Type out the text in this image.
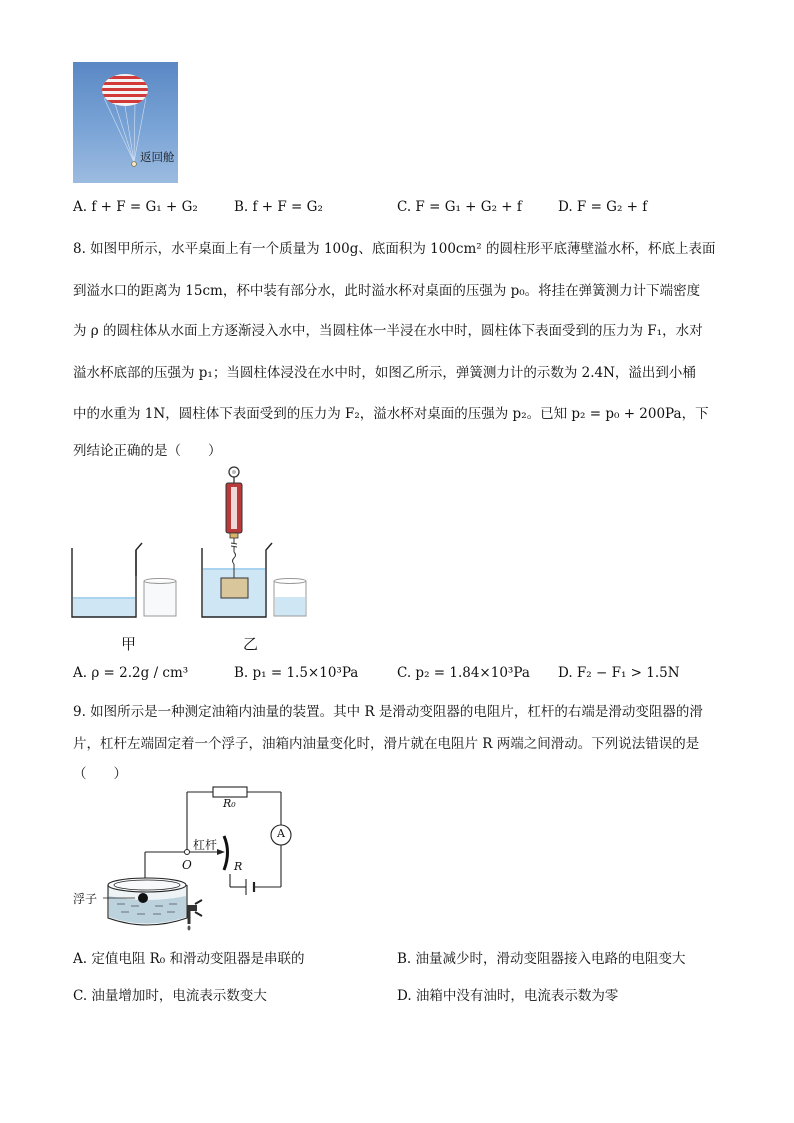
返回舱
A. f + F = G₁ + G₂	B. f + F = G₂	C. F = G₁ + G₂ + f	D. F = G₂ + f
8. 如图甲所示，水平桌面上有一个质量为 100g、底面积为 100cm² 的圆柱形平底薄壁溢水杯，杯底上表面
到溢水口的距离为 15cm，杯中装有部分水，此时溢水杯对桌面的压强为 p₀。将挂在弹簧测力计下端密度
为 ρ 的圆柱体从水面上方逐渐浸入水中，当圆柱体一半浸在水中时，圆柱体下表面受到的压力为 F₁，水对
溢水杯底部的压强为 p₁；当圆柱体浸没在水中时，如图乙所示，弹簧测力计的示数为 2.4N，溢出到小桶
中的水重为 1N，圆柱体下表面受到的压力为 F₂，溢水杯对桌面的压强为 p₂。已知 p₂ = p₀ + 200Pa，下
列结论正确的是（　　）
甲	乙
A. ρ = 2.2g / cm³	B. p₁ = 1.5×10³Pa	C. p₂ = 1.84×10³Pa D. F₂ − F₁ > 1.5N
9. 如图所示是一种测定油箱内油量的装置。其中 R 是滑动变阻器的电阻片，杠杆的右端是滑动变阻器的滑
片，杠杆左端固定着一个浮子，油箱内油量变化时，滑片就在电阻片 R 两端之间滑动。下列说法错误的是
（　　）
R₀
A
杠杆
O	R
浮子
A. 定值电阻 R₀ 和滑动变阻器是串联的	B. 油量减少时，滑动变阻器接入电路的电阻变大
C. 油量增加时，电流表示数变大	D. 油箱中没有油时，电流表示数为零
